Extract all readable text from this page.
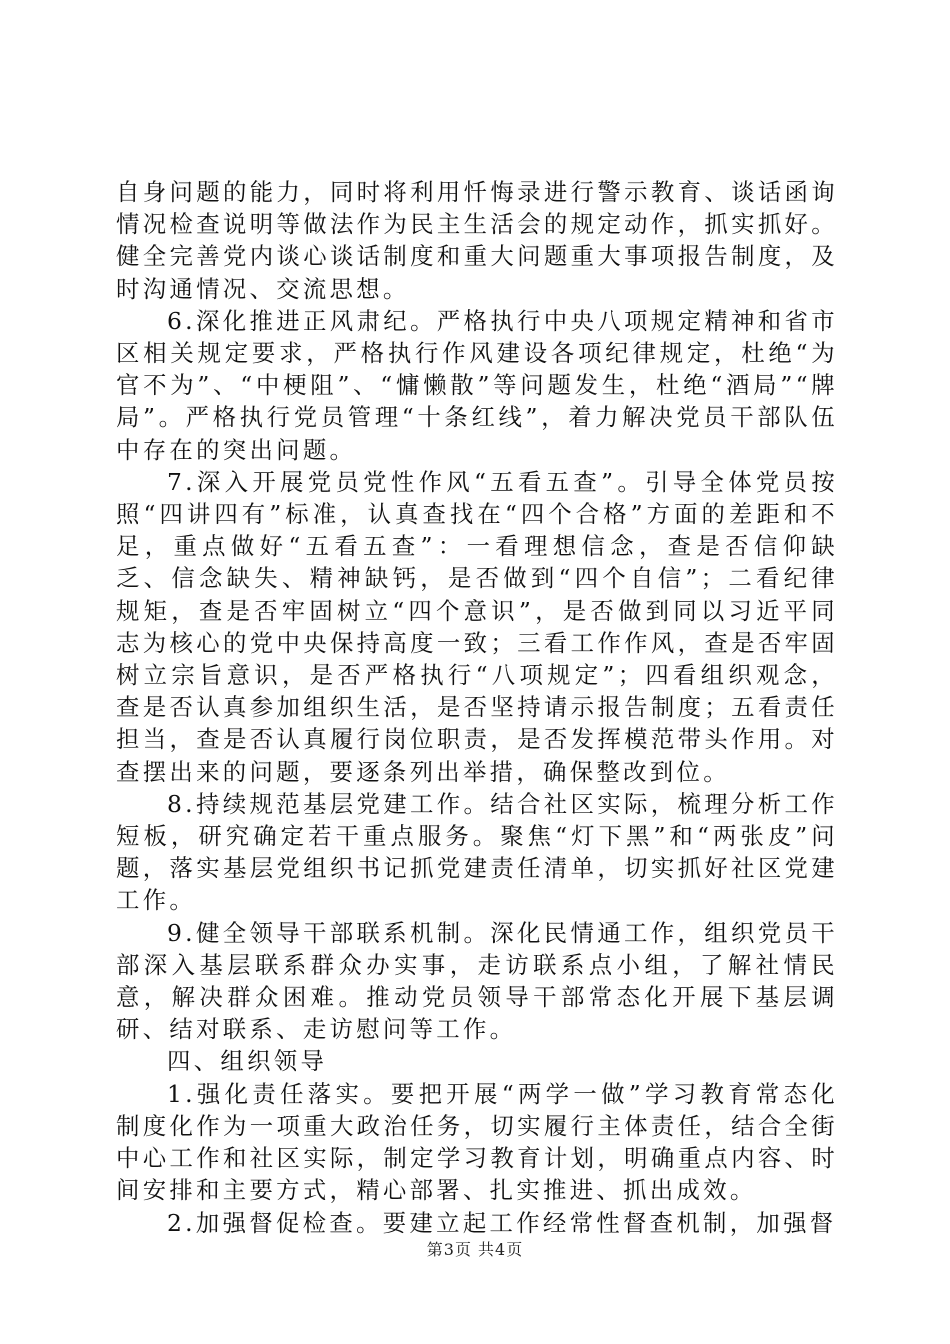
自身问题的能力，同时将利用忏悔录进行警示教育、谈话函询情况检查说明等做法作为民主生活会的规定动作，抓实抓好。健全完善党内谈心谈话制度和重大问题重大事项报告制度，及时沟通情况、交流思想。

6.深化推进正风肃纪。严格执行中央八项规定精神和省市区相关规定要求，严格执行作风建设各项纪律规定，杜绝“为官不为”、“中梗阻”、“慵懒散”等问题发生，杜绝“酒局”“牌局”。严格执行党员管理“十条红线”，着力解决党员干部队伍中存在的突出问题。

7.深入开展党员党性作风“五看五查”。引导全体党员按照“四讲四有”标准，认真查找在“四个合格”方面的差距和不足，重点做好“五看五查”：一看理想信念，查是否信仰缺乏、信念缺失、精神缺钙，是否做到“四个自信”；二看纪律规矩，查是否牢固树立“四个意识”，是否做到同以习近平同志为核心的党中央保持高度一致；三看工作作风，查是否牢固树立宗旨意识，是否严格执行“八项规定”；四看组织观念，查是否认真参加组织生活，是否坚持请示报告制度；五看责任担当，查是否认真履行岗位职责，是否发挥模范带头作用。对查摆出来的问题，要逐条列出举措，确保整改到位。

8.持续规范基层党建工作。结合社区实际，梳理分析工作短板，研究确定若干重点服务。聚焦“灯下黑”和“两张皮”问题，落实基层党组织书记抓党建责任清单，切实抓好社区党建工作。

9.健全领导干部联系机制。深化民情通工作，组织党员干部深入基层联系群众办实事，走访联系点小组，了解社情民意，解决群众困难。推动党员领导干部常态化开展下基层调研、结对联系、走访慰问等工作。

四、组织领导

1.强化责任落实。要把开展“两学一做”学习教育常态化制度化作为一项重大政治任务，切实履行主体责任，结合全街中心工作和社区实际，制定学习教育计划，明确重点内容、时间安排和主要方式，精心部署、扎实推进、抓出成效。

2.加强督促检查。要建立起工作经常性督查机制，加强督

第3页 共4页
